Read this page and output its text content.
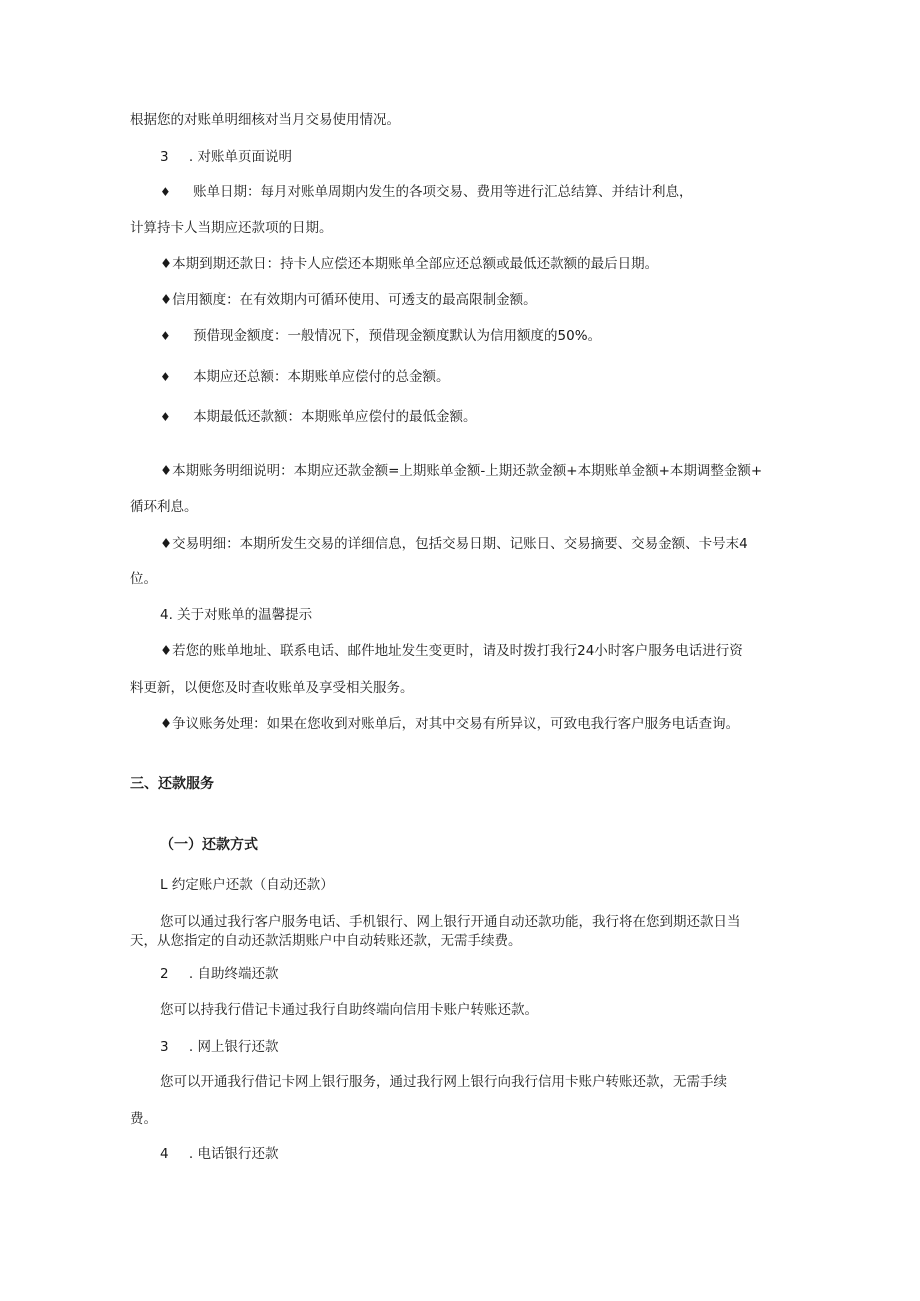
根据您的对账单明细核对当月交易使用情况。
3 . 对账单页面说明
♦ 账单日期：每月对账单周期内发生的各项交易、费用等进行汇总结算、并结计利息，
计算持卡人当期应还款项的日期。
♦本期到期还款日：持卡人应偿还本期账单全部应还总额或最低还款额的最后日期。
♦信用额度：在有效期内可循环使用、可透支的最高限制金额。
♦ 预借现金额度：一般情况下，预借现金额度默认为信用额度的50%。
♦ 本期应还总额：本期账单应偿付的总金额。
♦ 本期最低还款额：本期账单应偿付的最低金额。
♦本期账务明细说明：本期应还款金额=上期账单金额-上期还款金额+本期账单金额+本期调整金额+
循环利息。
♦交易明细：本期所发生交易的详细信息，包括交易日期、记账日、交易摘要、交易金额、卡号末4
位。
4. 关于对账单的温馨提示
♦若您的账单地址、联系电话、邮件地址发生变更时，请及时拨打我行24小时客户服务电话进行资
料更新，以便您及时查收账单及享受相关服务。
♦争议账务处理：如果在您收到对账单后，对其中交易有所异议，可致电我行客户服务电话查询。
三、还款服务
（一）还款方式
L 约定账户还款（自动还款）
您可以通过我行客户服务电话、手机银行、网上银行开通自动还款功能，我行将在您到期还款日当
天，从您指定的自动还款活期账户中自动转账还款，无需手续费。
2 . 自助终端还款
您可以持我行借记卡通过我行自助终端向信用卡账户转账还款。
3 . 网上银行还款
您可以开通我行借记卡网上银行服务，通过我行网上银行向我行信用卡账户转账还款，无需手续
费。
4 . 电话银行还款
